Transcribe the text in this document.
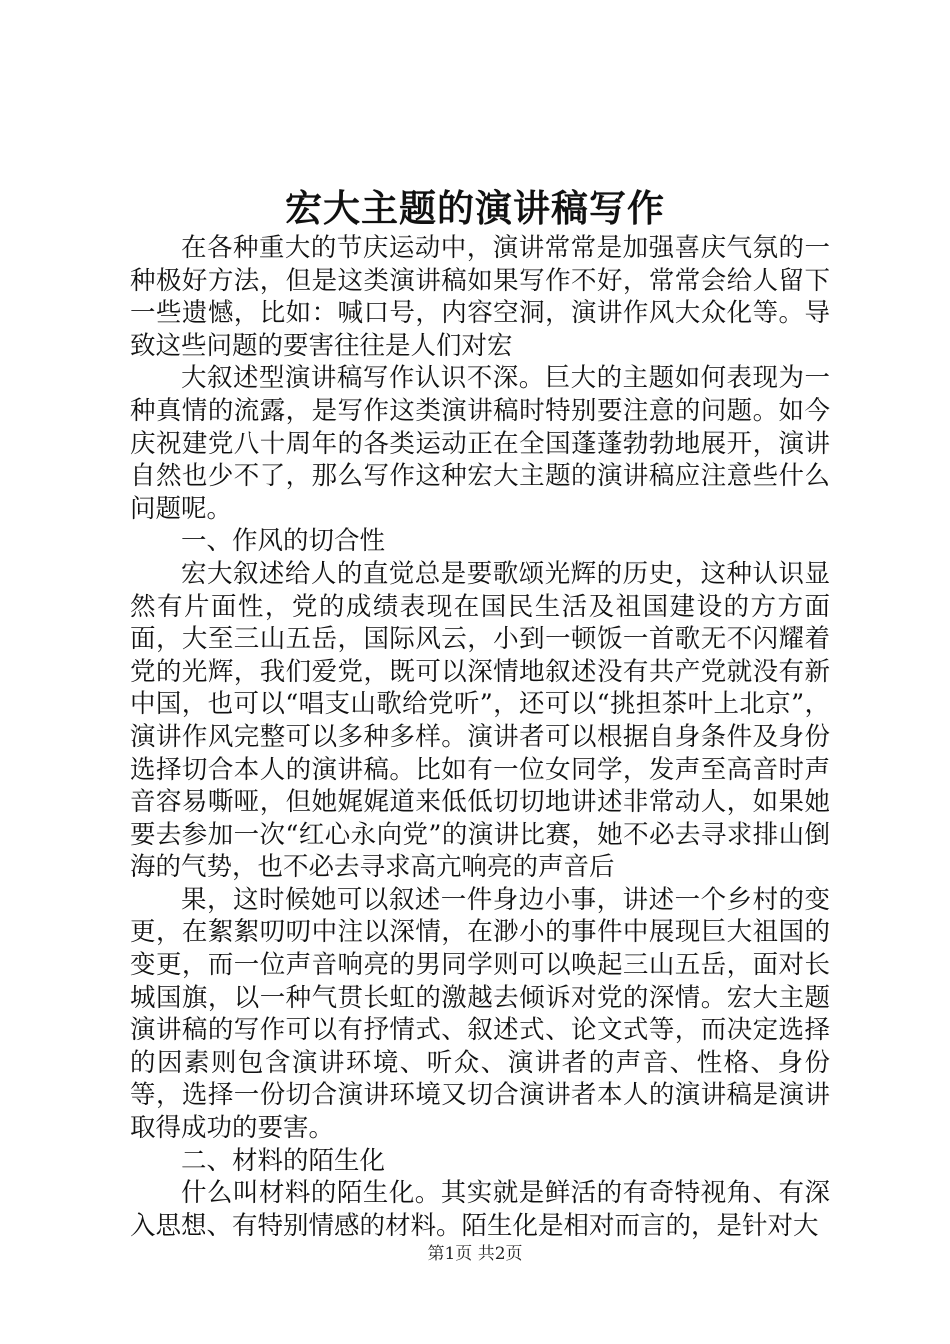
宏大主题的演讲稿写作

在各种重大的节庆运动中，演讲常常是加强喜庆气氛的一种极好方法，但是这类演讲稿如果写作不好，常常会给人留下一些遗憾，比如：喊口号，内容空洞，演讲作风大众化等。导致这些问题的要害往往是人们对宏

大叙述型演讲稿写作认识不深。巨大的主题如何表现为一种真情的流露，是写作这类演讲稿时特别要注意的问题。如今庆祝建党八十周年的各类运动正在全国蓬蓬勃勃地展开，演讲自然也少不了，那么写作这种宏大主题的演讲稿应注意些什么问题呢。

一、作风的切合性

宏大叙述给人的直觉总是要歌颂光辉的历史，这种认识显然有片面性，党的成绩表现在国民生活及祖国建设的方方面面，大至三山五岳，国际风云，小到一顿饭一首歌无不闪耀着党的光辉，我们爱党，既可以深情地叙述没有共产党就没有新中国，也可以“唱支山歌给党听”，还可以“挑担茶叶上北京”，演讲作风完整可以多种多样。演讲者可以根据自身条件及身份选择切合本人的演讲稿。比如有一位女同学，发声至高音时声音容易嘶哑，但她娓娓道来低低切切地讲述非常动人，如果她要去参加一次“红心永向党”的演讲比赛，她不必去寻求排山倒海的气势，也不必去寻求高亢响亮的声音后

果，这时候她可以叙述一件身边小事，讲述一个乡村的变更，在絮絮叨叨中注以深情，在渺小的事件中展现巨大祖国的变更，而一位声音响亮的男同学则可以唤起三山五岳，面对长城国旗，以一种气贯长虹的激越去倾诉对党的深情。宏大主题演讲稿的写作可以有抒情式、叙述式、论文式等，而决定选择的因素则包含演讲环境、听众、演讲者的声音、性格、身份等，选择一份切合演讲环境又切合演讲者本人的演讲稿是演讲取得成功的要害。

二、材料的陌生化

什么叫材料的陌生化。其实就是鲜活的有奇特视角、有深入思想、有特别情感的材料。陌生化是相对而言的，是针对大

第1页 共2页
